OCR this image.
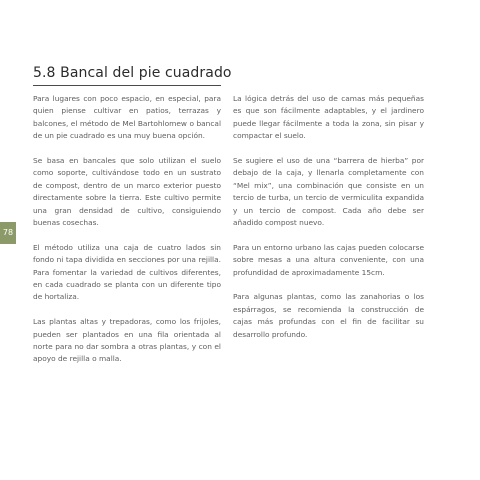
5.8 Bancal del pie cuadrado

Para lugares con poco espacio, en especial, para quien piense cultivar en patios, terrazas y balcones, el método de Mel Bartohlomew o bancal de un pie cuadrado es una muy buena opción.

Se basa en bancales que solo utilizan el suelo como soporte, cultivándose todo en un sustrato de compost, dentro de un marco exterior puesto directamente sobre la tierra. Este cultivo permite una gran densidad de cultivo, consiguiendo buenas cosechas.

El método utiliza una caja de cuatro lados sin fondo ni tapa dividida en secciones por una rejilla. Para fomentar la variedad de cultivos diferentes, en cada cuadrado se planta con un diferente tipo de hortaliza.

Las plantas altas y trepadoras, como los frijoles, pueden ser plantados en una fila orientada al norte para no dar sombra a otras plantas, y con el apoyo de rejilla o malla.

La lógica detrás del uso de camas más pequeñas es que son fácilmente adaptables, y el jardinero puede llegar fácilmente a toda la zona, sin pisar y compactar el suelo.

Se sugiere el uso de una “barrera de hierba” por debajo de la caja, y llenarla completamente con “Mel mix”, una combinación que consiste en un tercio de turba, un tercio de vermiculita expandida y un tercio de compost. Cada año debe ser añadido compost nuevo.

Para un entorno urbano las cajas pueden colocarse sobre mesas a una altura conveniente, con una profundidad de aproximadamente 15cm.

Para algunas plantas, como las zanahorias o los espárragos, se recomienda la construcción de cajas más profundas con el fin de facilitar su desarrollo profundo.

78
